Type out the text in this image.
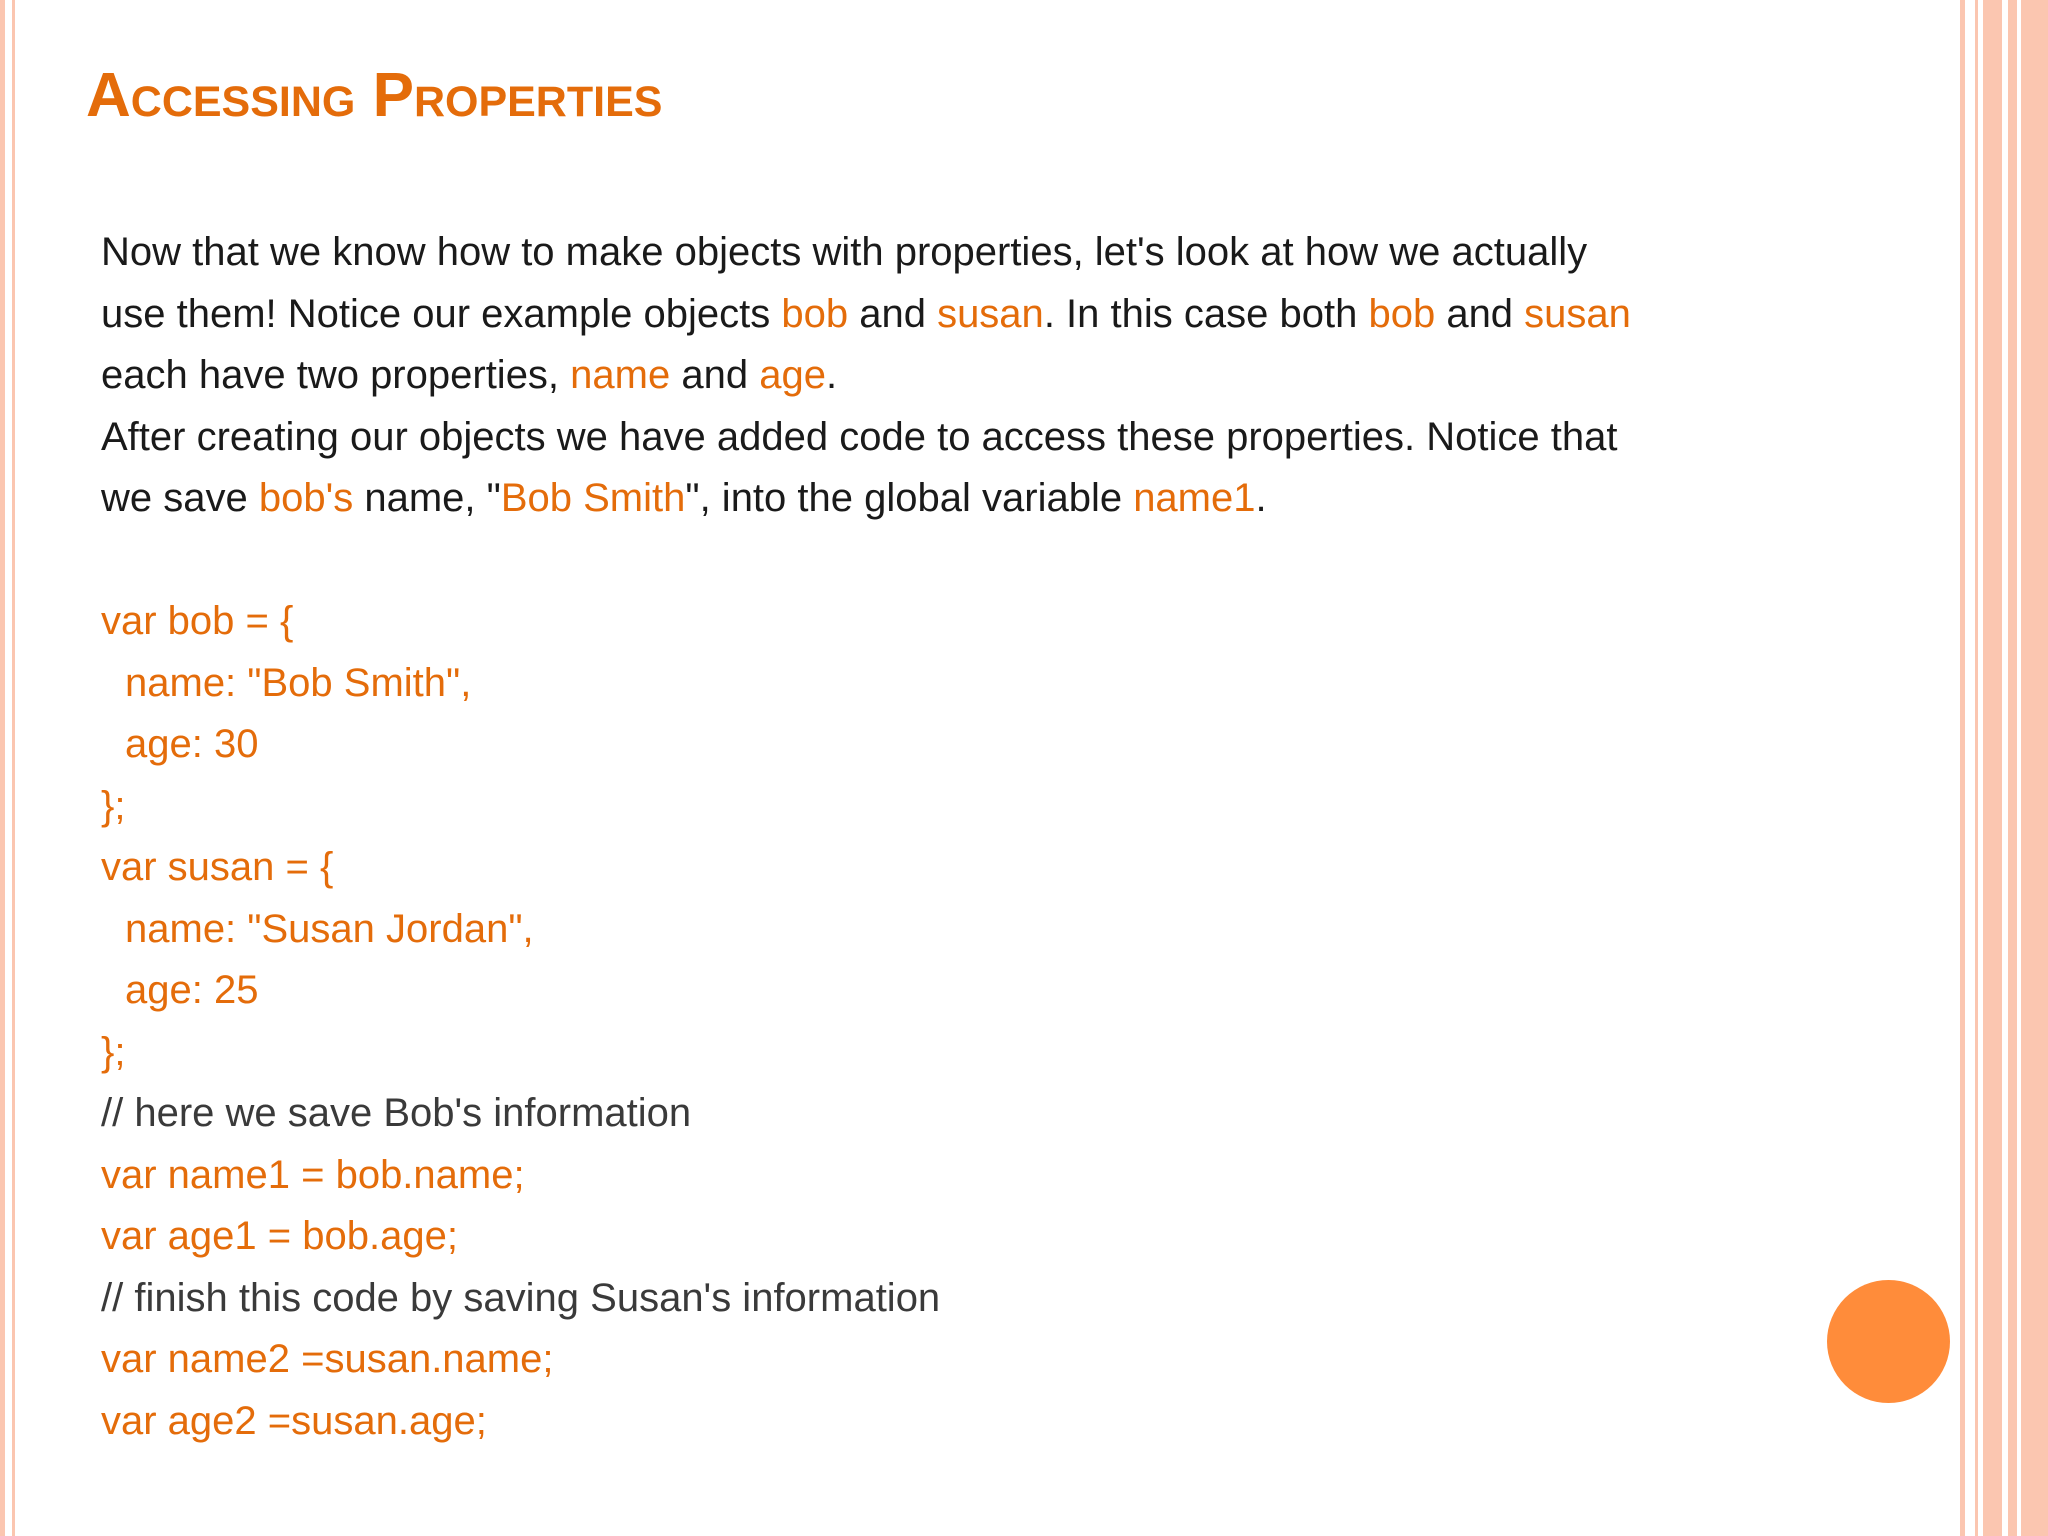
Accessing Properties
Now that we know how to make objects with properties, let's look at how we actually
use them! Notice our example objects bob and susan. In this case both bob and susan
each have two properties, name and age.
After creating our objects we have added code to access these properties. Notice that
we save bob's name, "Bob Smith", into the global variable name1.
var bob = {
name: "Bob Smith",
age: 30
};
var susan = {
name: "Susan Jordan",
age: 25
};
// here we save Bob's information
var name1 = bob.name;
var age1 = bob.age;
// finish this code by saving Susan's information
var name2 =susan.name;
var age2 =susan.age;
